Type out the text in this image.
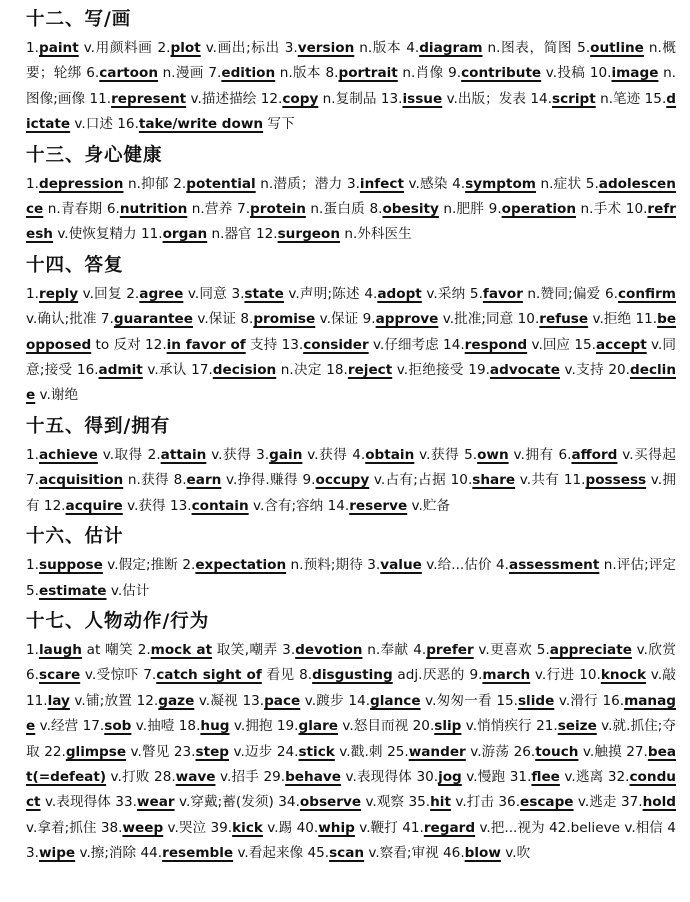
十二、写/画
1.paint v.用颜料画 2.plot v.画出;标出 3.version n.版本 4.diagram n.图表，简图 5.outline n.概要；轮绑 6.cartoon n.漫画 7.edition n.版本 8.portrait n.肖像 9.contribute v.投稿 10.image n.图像;画像 11.represent v.描述描绘 12.copy n.复制品 13.issue v.出版；发表 14.script n.笔迹 15.dictate v.口述 16.take/write down 写下
十三、身心健康
1.depression n.抑郁 2.potential n.潜质；潜力 3.infect v.感染 4.symptom n.症状 5.adolescence n.青春期 6.nutrition n.营养 7.protein n.蛋白质 8.obesity n.肥胖 9.operation n.手术 10.refresh v.使恢复精力 11.organ n.器官 12.surgeon n.外科医生
十四、答复
1.reply v.回复 2.agree v.同意 3.state v.声明;陈述 4.adopt v.采纳 5.favor n.赞同;偏爱 6.confirm v.确认;批准 7.guarantee v.保证 8.promise v.保证 9.approve v.批准;同意 10.refuse v.拒绝 11.be opposed to 反对 12.in favor of 支持 13.consider v.仔细考虑 14.respond v.回应 15.accept v.同意;接受 16.admit v.承认 17.decision n.决定 18.reject v.拒绝接受 19.advocate v.支持 20.decline v.谢绝
十五、得到/拥有
1.achieve v.取得 2.attain v.获得 3.gain v.获得 4.obtain v.获得 5.own v.拥有 6.afford v.买得起 7.acquisition n.获得 8.earn v.挣得.赚得 9.occupy v.占有;占据 10.share v.共有 11.possess v.拥有 12.acquire v.获得 13.contain v.含有;容纳 14.reserve v.贮备
十六、估计
1.suppose v.假定;推断 2.expectation n.预料;期待 3.value v.给...估价 4.assessment n.评估;评定 5.estimate v.估计
十七、人物动作/行为
1.laugh at 嘲笑 2.mock at 取笑,嘲弄 3.devotion n.奉献 4.prefer v.更喜欢 5.appreciate v.欣赏 6.scare v.受惊吓 7.catch sight of 看见 8.disgusting adj.厌恶的 9.march v.行进 10.knock v.敲 11.lay v.铺;放置 12.gaze v.凝视 13.pace v.踱步 14.glance v.匆匆一看 15.slide v.滑行 16.manage v.经营 17.sob v.抽噎 18.hug v.拥抱 19.glare v.怒目而视 20.slip v.悄悄疾行 21.seize v.就.抓住;夺取 22.glimpse v.瞥见 23.step v.迈步 24.stick v.戳.刺 25.wander v.游荡 26.touch v.触摸 27.beat(=defeat) v.打败 28.wave v.招手 29.behave v.表现得体 30.jog v.慢跑 31.flee v.逃离 32.conduct v.表现得体 33.wear v.穿戴;蓄(发须) 34.observe v.观察 35.hit v.打击 36.escape v.逃走 37.hold v.拿着;抓住 38.weep v.哭泣 39.kick v.踢 40.whip v.鞭打 41.regard v.把...视为 42.believe v.相信 43.wipe v.擦;消除 44.resemble v.看起来像 45.scan v.察看;审视 46.blow v.吹
